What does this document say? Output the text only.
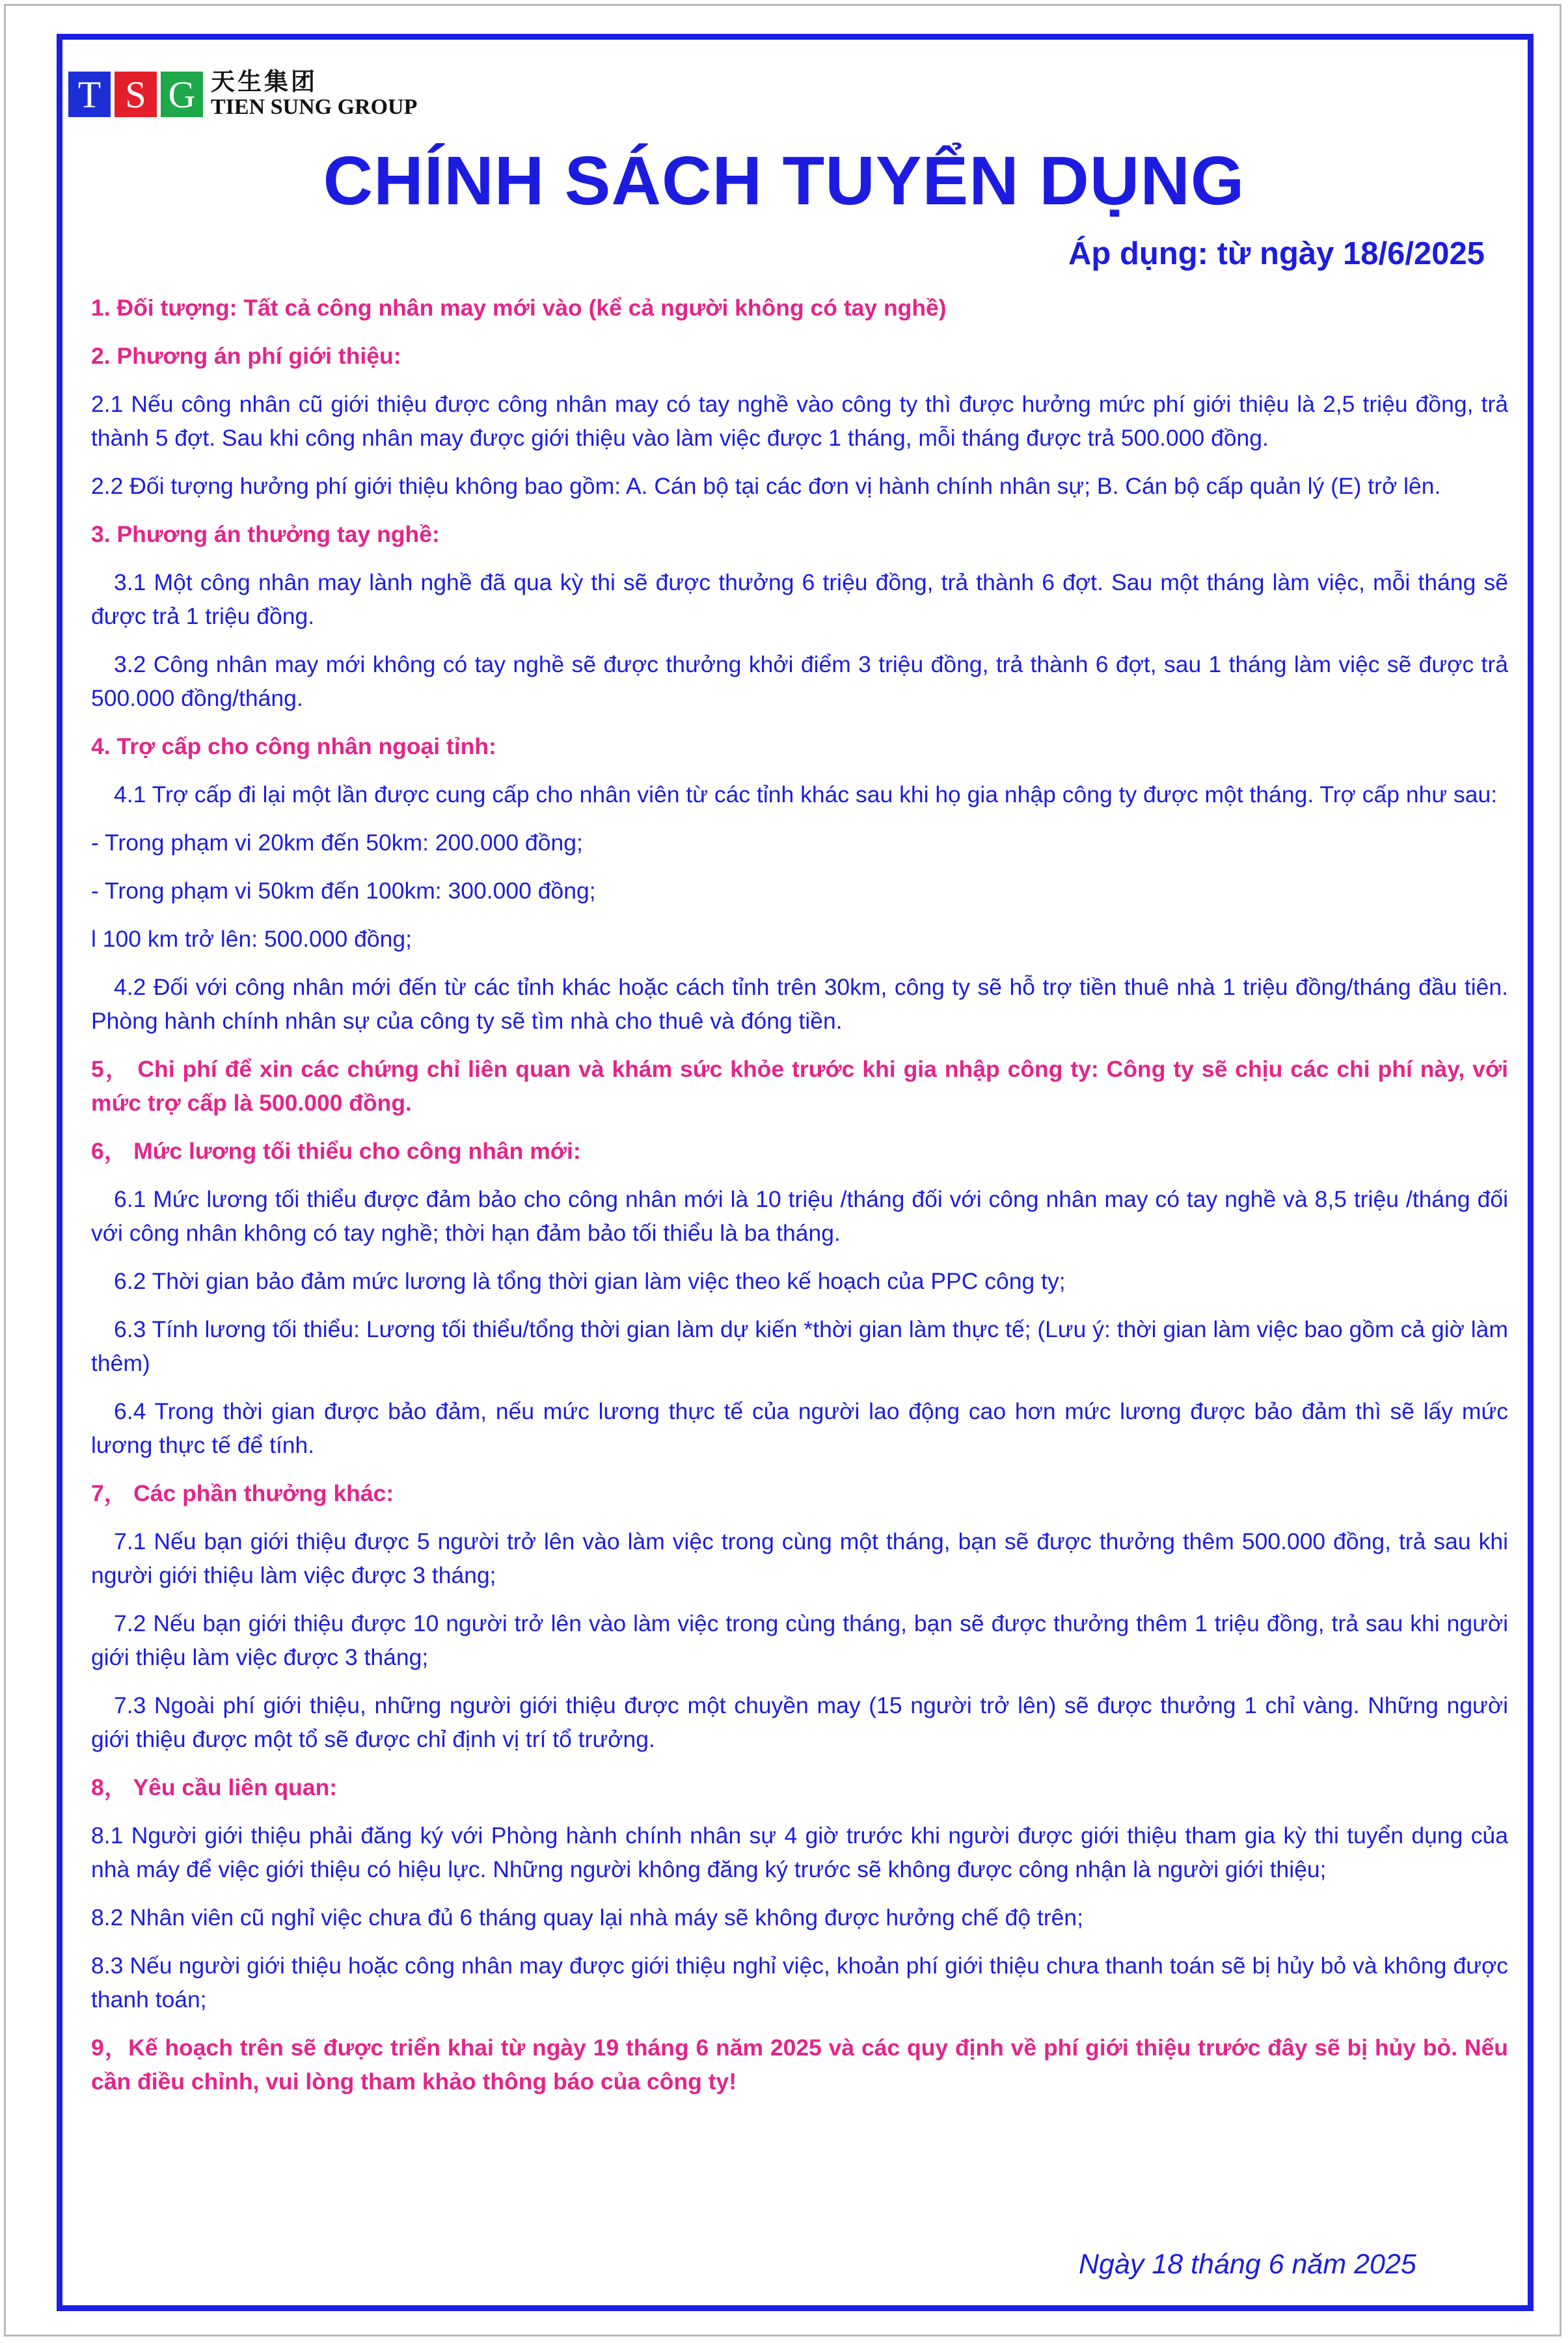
T S G 天生集团
TIEN SUNG GROUP
CHÍNH SÁCH TUYỂN DỤNG
Áp dụng: từ ngày 18/6/2025

1. Đối tượng: Tất cả công nhân may mới vào (kể cả người không có tay nghề)

2. Phương án phí giới thiệu:

2.1 Nếu công nhân cũ giới thiệu được công nhân may có tay nghề vào công ty thì được hưởng mức phí giới thiệu là 2,5 triệu đồng, trả thành 5 đợt. Sau khi công nhân may được giới thiệu vào làm việc được 1 tháng, mỗi tháng được trả 500.000 đồng.

2.2 Đối tượng hưởng phí giới thiệu không bao gồm: A. Cán bộ tại các đơn vị hành chính nhân sự; B. Cán bộ cấp quản lý (E) trở lên.

3. Phương án thưởng tay nghề:

3.1 Một công nhân may lành nghề đã qua kỳ thi sẽ được thưởng 6 triệu đồng, trả thành 6 đợt. Sau một tháng làm việc, mỗi tháng sẽ được trả 1 triệu đồng.

3.2 Công nhân may mới không có tay nghề sẽ được thưởng khởi điểm 3 triệu đồng, trả thành 6 đợt, sau 1 tháng làm việc sẽ được trả 500.000 đồng/tháng.

4. Trợ cấp cho công nhân ngoại tỉnh:

4.1 Trợ cấp đi lại một lần được cung cấp cho nhân viên từ các tỉnh khác sau khi họ gia nhập công ty được một tháng. Trợ cấp như sau:

- Trong phạm vi 20km đến 50km: 200.000 đồng;

- Trong phạm vi 50km đến 100km: 300.000 đồng;

l 100 km trở lên: 500.000 đồng;

4.2 Đối với công nhân mới đến từ các tỉnh khác hoặc cách tỉnh trên 30km, công ty sẽ hỗ trợ tiền thuê nhà 1 triệu đồng/tháng đầu tiên. Phòng hành chính nhân sự của công ty sẽ tìm nhà cho thuê và đóng tiền.

5， Chi phí để xin các chứng chỉ liên quan và khám sức khỏe trước khi gia nhập công ty: Công ty sẽ chịu các chi phí này, với mức trợ cấp là 500.000 đồng.

6， Mức lương tối thiểu cho công nhân mới:

6.1 Mức lương tối thiểu được đảm bảo cho công nhân mới là 10 triệu /tháng đối với công nhân may có tay nghề và 8,5 triệu /tháng đối với công nhân không có tay nghề; thời hạn đảm bảo tối thiểu là ba tháng.

6.2 Thời gian bảo đảm mức lương là tổng thời gian làm việc theo kế hoạch của PPC công ty;

6.3 Tính lương tối thiểu: Lương tối thiểu/tổng thời gian làm dự kiến *thời gian làm thực tế; (Lưu ý: thời gian làm việc bao gồm cả giờ làm thêm)

6.4 Trong thời gian được bảo đảm, nếu mức lương thực tế của người lao động cao hơn mức lương được bảo đảm thì sẽ lấy mức lương thực tế để tính.

7， Các phần thưởng khác:

7.1 Nếu bạn giới thiệu được 5 người trở lên vào làm việc trong cùng một tháng, bạn sẽ được thưởng thêm 500.000 đồng, trả sau khi người giới thiệu làm việc được 3 tháng;

7.2 Nếu bạn giới thiệu được 10 người trở lên vào làm việc trong cùng tháng, bạn sẽ được thưởng thêm 1 triệu đồng, trả sau khi người giới thiệu làm việc được 3 tháng;

7.3 Ngoài phí giới thiệu, những người giới thiệu được một chuyền may (15 người trở lên) sẽ được thưởng 1 chỉ vàng. Những người giới thiệu được một tổ sẽ được chỉ định vị trí tổ trưởng.

8， Yêu cầu liên quan:

8.1 Người giới thiệu phải đăng ký với Phòng hành chính nhân sự 4 giờ trước khi người được giới thiệu tham gia kỳ thi tuyển dụng của nhà máy để việc giới thiệu có hiệu lực. Những người không đăng ký trước sẽ không được công nhận là người giới thiệu;

8.2 Nhân viên cũ nghỉ việc chưa đủ 6 tháng quay lại nhà máy sẽ không được hưởng chế độ trên;

8.3 Nếu người giới thiệu hoặc công nhân may được giới thiệu nghỉ việc, khoản phí giới thiệu chưa thanh toán sẽ bị hủy bỏ và không được thanh toán;

9，Kế hoạch trên sẽ được triển khai từ ngày 19 tháng 6 năm 2025 và các quy định về phí giới thiệu trước đây sẽ bị hủy bỏ. Nếu cần điều chỉnh, vui lòng tham khảo thông báo của công ty!

Ngày 18 tháng 6 năm 2025
